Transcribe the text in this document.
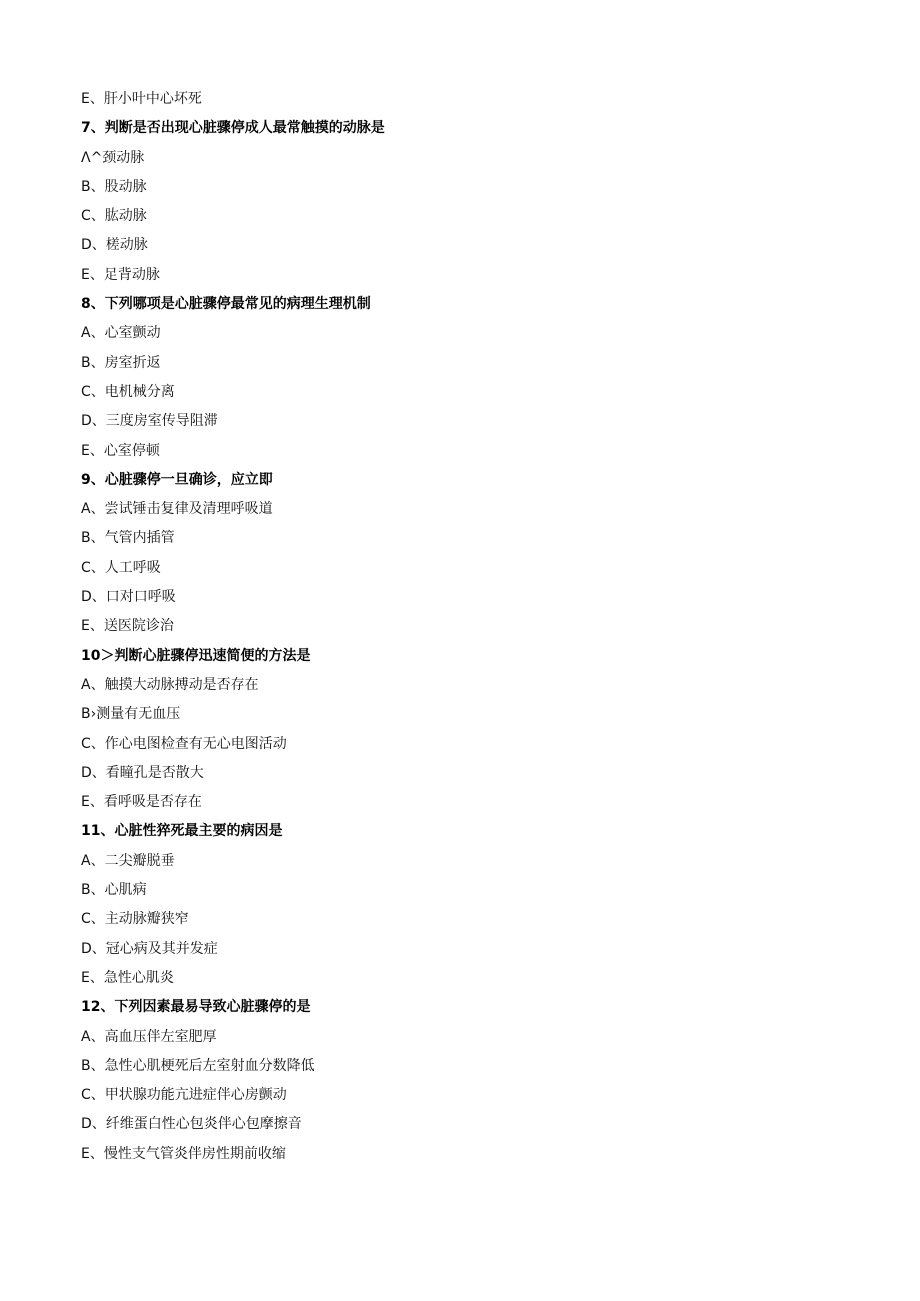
E、肝小叶中心坏死
7、判断是否出现心脏骤停成人最常触摸的动脉是
Λ^颈动脉
B、股动脉
C、肱动脉
D、槎动脉
E、足背动脉
8、下列哪项是心脏骤停最常见的病理生理机制
A、心室颤动
B、房室折返
C、电机械分离
D、三度房室传导阻滞
E、心室停顿
9、心脏骤停一旦确诊，应立即
A、尝试锤击复律及清理呼吸道
B、气管内插管
C、人工呼吸
D、口对口呼吸
E、送医院诊治
10＞判断心脏骤停迅速简便的方法是
A、触摸大动脉搏动是否存在
B›测量有无血压
C、作心电图检查有无心电图活动
D、看瞳孔是否散大
E、看呼吸是否存在
11、心脏性猝死最主要的病因是
A、二尖瓣脱垂
B、心肌病
C、主动脉瓣狭窄
D、冠心病及其并发症
E、急性心肌炎
12、下列因素最易导致心脏骤停的是
A、高血压伴左室肥厚
B、急性心肌梗死后左室射血分数降低
C、甲状腺功能亢进症伴心房颤动
D、纤维蛋白性心包炎伴心包摩擦音
E、慢性支气管炎伴房性期前收缩
